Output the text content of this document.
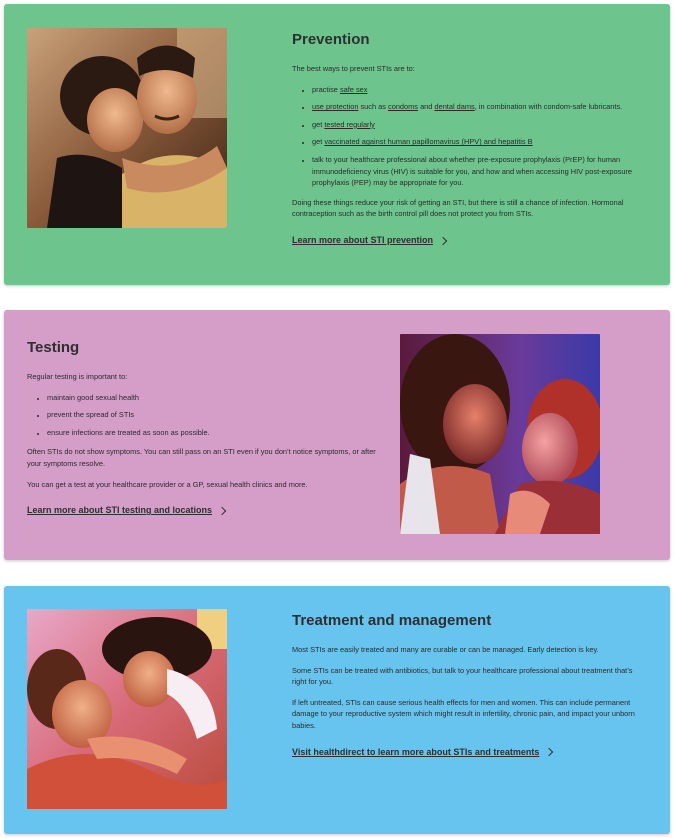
Prevention

The best ways to prevent STIs are to:

• practise safe sex
• use protection such as condoms and dental dams, in combination with condom-safe lubricants.
• get tested regularly
• get vaccinated against human papillomavirus (HPV) and hepatitis B
• talk to your healthcare professional about whether pre-exposure prophylaxis (PrEP) for human immunodeficiency virus (HIV) is suitable for you, and how and when accessing HIV post-exposure prophylaxis (PEP) may be appropriate for you.

Doing these things reduce your risk of getting an STI, but there is still a chance of infection. Hormonal contraception such as the birth control pill does not protect you from STIs.

Learn more about STI prevention
Testing

Regular testing is important to:

• maintain good sexual health
• prevent the spread of STIs
• ensure infections are treated as soon as possible.

Often STIs do not show symptoms. You can still pass on an STI even if you don’t notice symptoms, or after your symptoms resolve.

You can get a test at your healthcare provider or a GP, sexual health clinics and more.

Learn more about STI testing and locations
Treatment and management

Most STIs are easily treated and many are curable or can be managed. Early detection is key.

Some STIs can be treated with antibiotics, but talk to your healthcare professional about treatment that’s right for you.

If left untreated, STIs can cause serious health effects for men and women. This can include permanent damage to your reproductive system which might result in infertility, chronic pain, and impact your unborn babies.

Visit healthdirect to learn more about STIs and treatments
